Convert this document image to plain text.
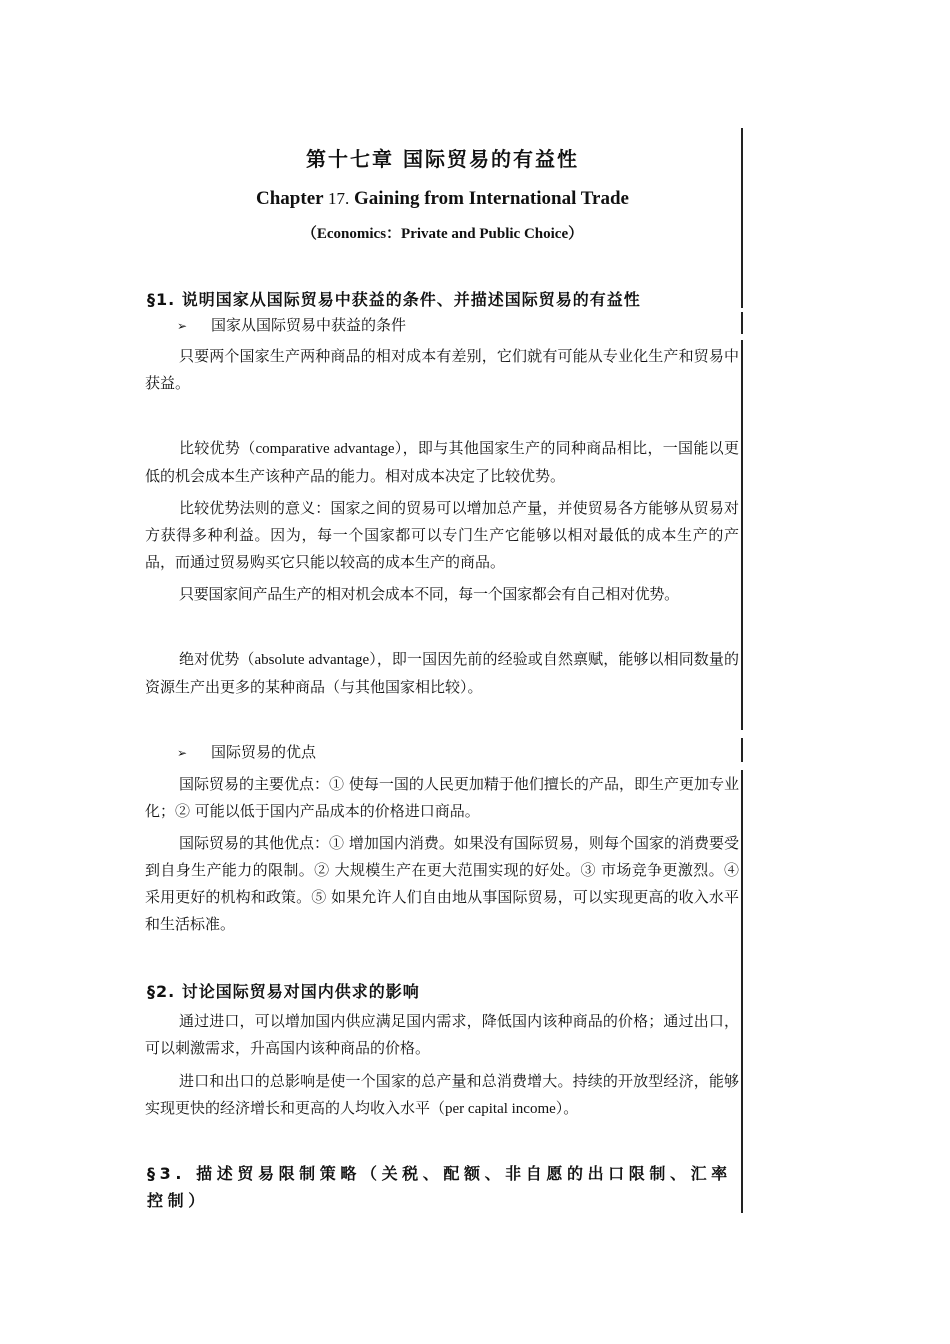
第十七章 国际贸易的有益性
Chapter 17. Gaining from International Trade
（Economics：Private and Public Choice）
§1. 说明国家从国际贸易中获益的条件、并描述国际贸易的有益性
➢ 国家从国际贸易中获益的条件
只要两个国家生产两种商品的相对成本有差别，它们就有可能从专业化生产和贸易中获益。
比较优势（comparative advantage），即与其他国家生产的同种商品相比，一国能以更低的机会成本生产该种产品的能力。相对成本决定了比较优势。
比较优势法则的意义：国家之间的贸易可以增加总产量，并使贸易各方能够从贸易对方获得多种利益。因为，每一个国家都可以专门生产它能够以相对最低的成本生产的产品，而通过贸易购买它只能以较高的成本生产的商品。
只要国家间产品生产的相对机会成本不同，每一个国家都会有自己相对优势。
绝对优势（absolute advantage），即一国因先前的经验或自然禀赋，能够以相同数量的资源生产出更多的某种商品（与其他国家相比较）。
➢ 国际贸易的优点
国际贸易的主要优点：① 使每一国的人民更加精于他们擅长的产品，即生产更加专业化；② 可能以低于国内产品成本的价格进口商品。
国际贸易的其他优点：① 增加国内消费。如果没有国际贸易，则每个国家的消费要受到自身生产能力的限制。② 大规模生产在更大范围实现的好处。③ 市场竞争更激烈。④ 采用更好的机构和政策。⑤ 如果允许人们自由地从事国际贸易，可以实现更高的收入水平和生活标准。
§2. 讨论国际贸易对国内供求的影响
通过进口，可以增加国内供应满足国内需求，降低国内该种商品的价格；通过出口，可以刺激需求，升高国内该种商品的价格。
进口和出口的总影响是使一个国家的总产量和总消费增大。持续的开放型经济，能够实现更快的经济增长和更高的人均收入水平（per capital income）。
§3. 描述贸易限制策略（关税、配额、非自愿的出口限制、汇率控制）
